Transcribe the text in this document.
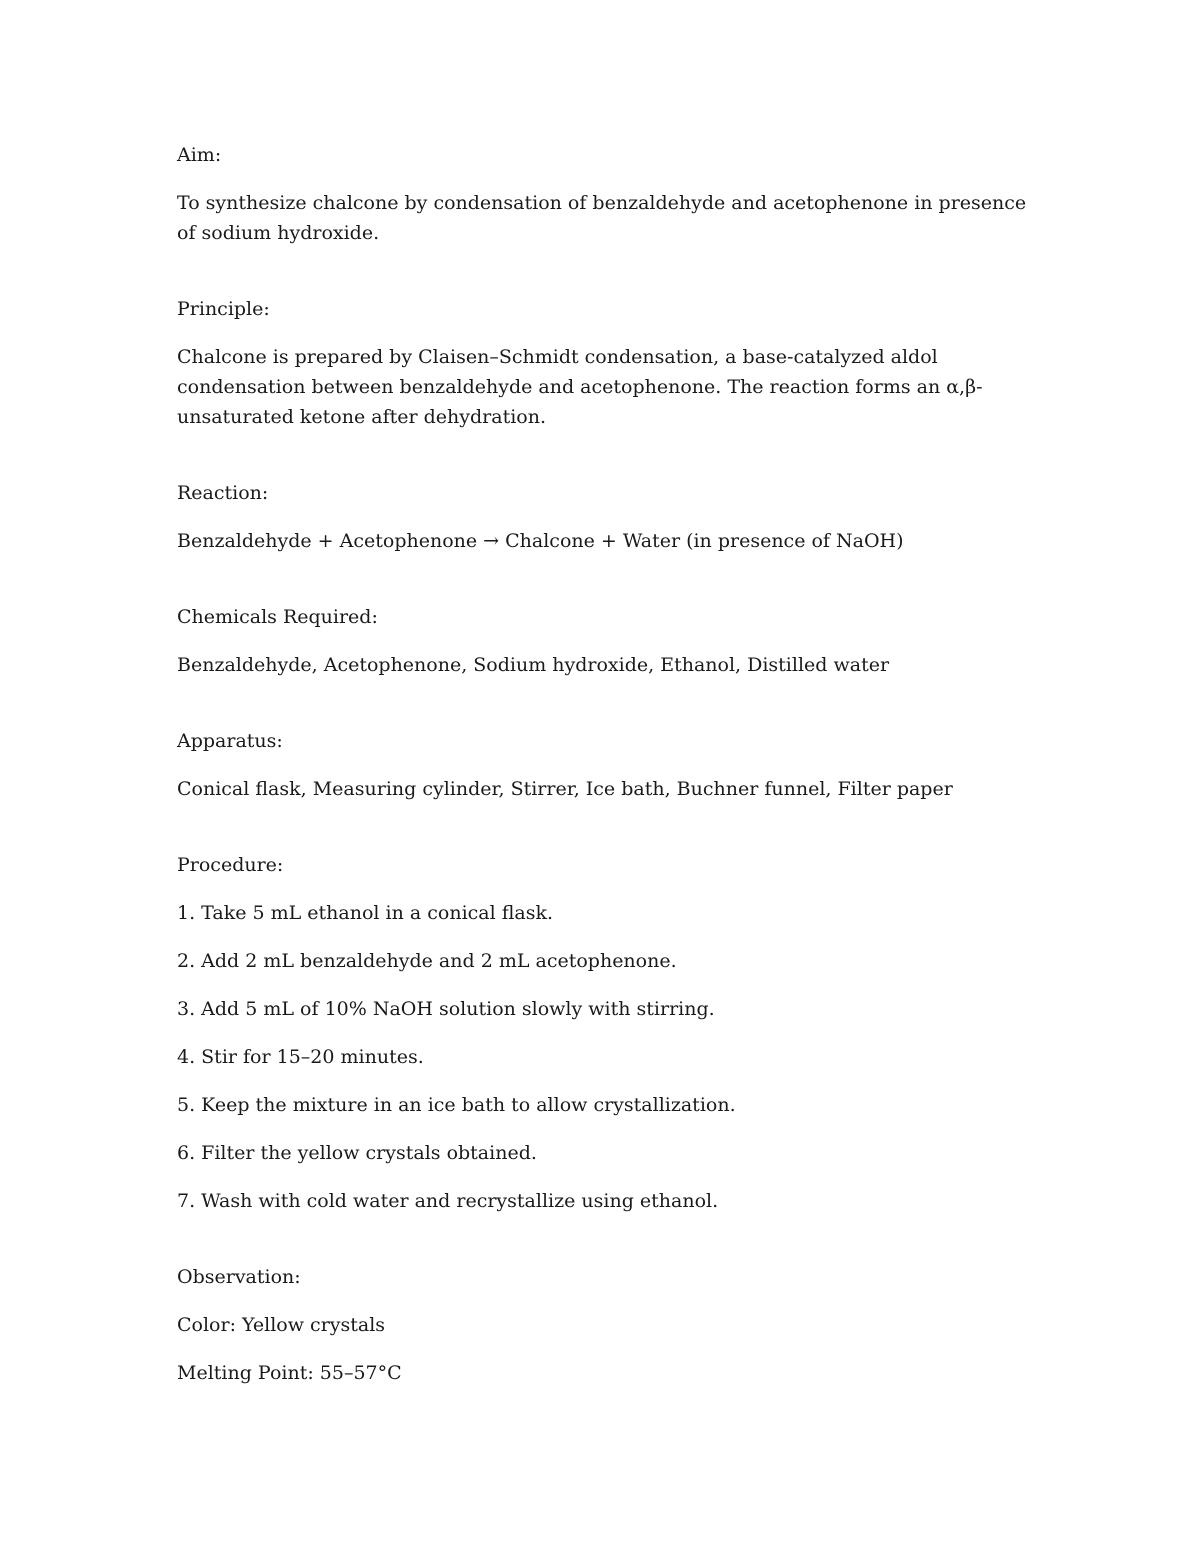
Aim:

To synthesize chalcone by condensation of benzaldehyde and acetophenone in presence of sodium hydroxide.

Principle:

Chalcone is prepared by Claisen–Schmidt condensation, a base-catalyzed aldol condensation between benzaldehyde and acetophenone. The reaction forms an α,β-unsaturated ketone after dehydration.

Reaction:

Benzaldehyde + Acetophenone → Chalcone + Water (in presence of NaOH)

Chemicals Required:

Benzaldehyde, Acetophenone, Sodium hydroxide, Ethanol, Distilled water

Apparatus:

Conical flask, Measuring cylinder, Stirrer, Ice bath, Buchner funnel, Filter paper

Procedure:

1. Take 5 mL ethanol in a conical flask.

2. Add 2 mL benzaldehyde and 2 mL acetophenone.

3. Add 5 mL of 10% NaOH solution slowly with stirring.

4. Stir for 15–20 minutes.

5. Keep the mixture in an ice bath to allow crystallization.

6. Filter the yellow crystals obtained.

7. Wash with cold water and recrystallize using ethanol.

Observation:

Color: Yellow crystals

Melting Point: 55–57°C
